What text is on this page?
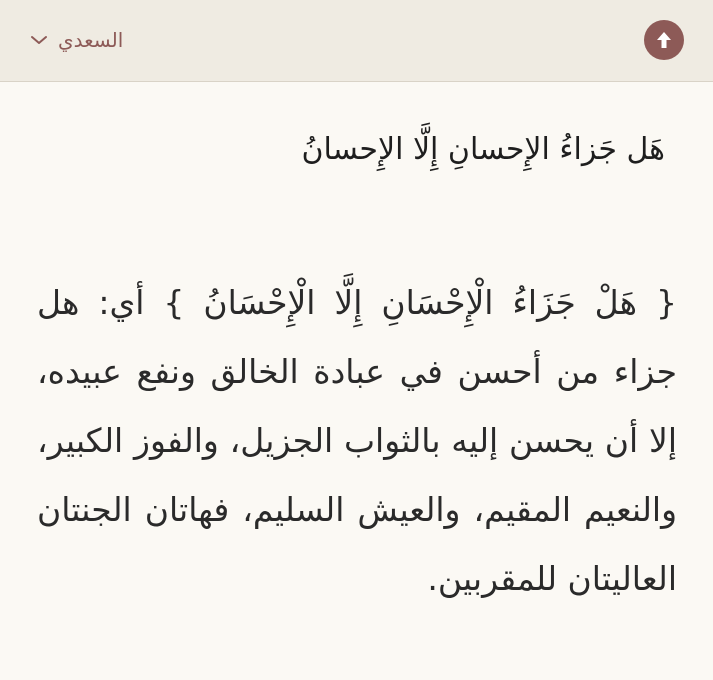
السعدي

هَل جَزاءُ الإِحسانِ إِلَّا الإِحسانُ

{ هَلْ جَزَاءُ الْإِحْسَانِ إِلَّا الْإِحْسَانُ } أي: هل جزاء من أحسن في عبادة الخالق ونفع عبيده، إلا أن يحسن إليه بالثواب الجزيل، والفوز الكبير، والنعيم المقيم، والعيش السليم، فهاتان الجنتان العاليتان للمقربين.
